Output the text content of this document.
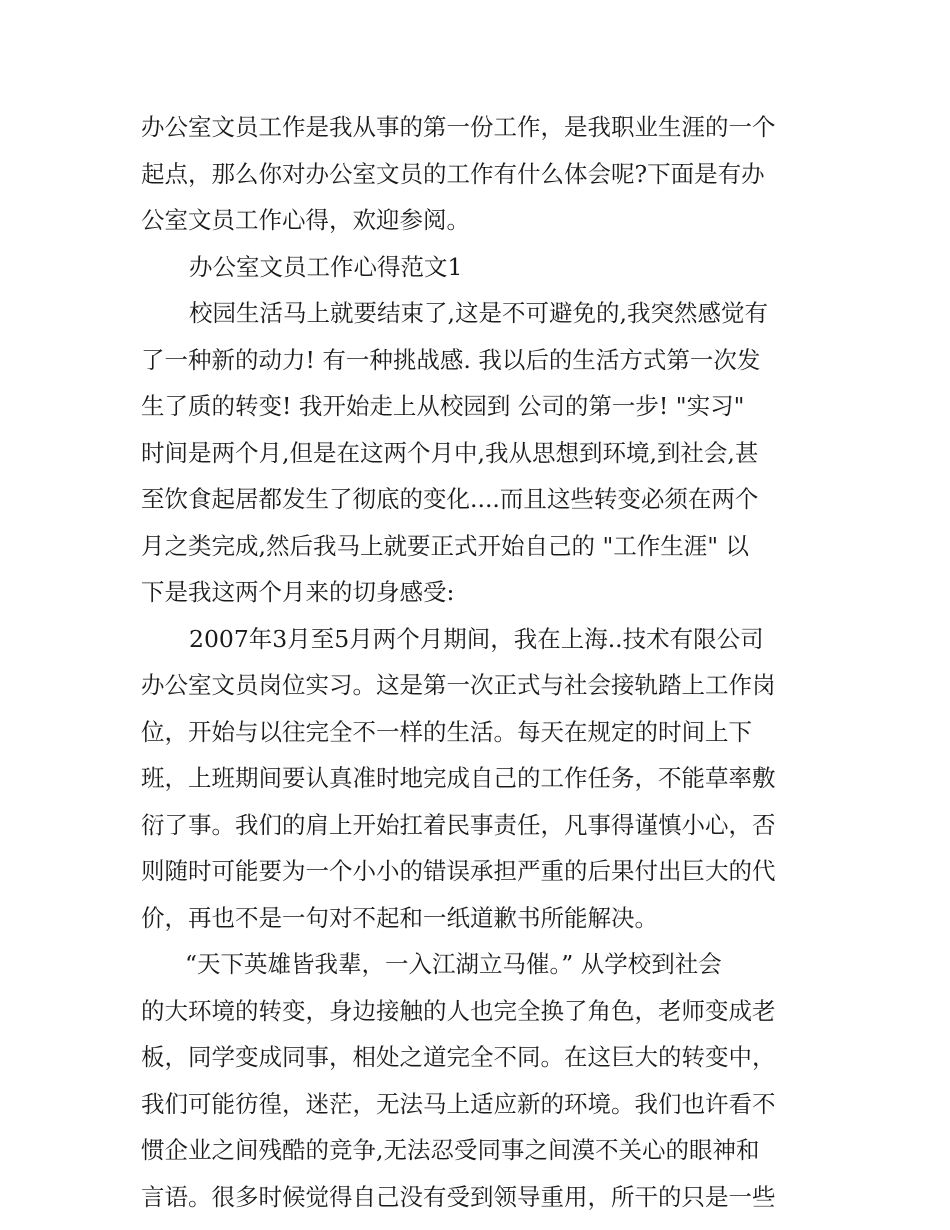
办公室文员工作是我从事的第一份工作，是我职业生涯的一个
起点，那么你对办公室文员的工作有什么体会呢?下面是有办
公室文员工作心得，欢迎参阅。
办公室文员工作心得范文1
校园生活马上就要结束了,这是不可避免的,我突然感觉有
了一种新的动力! 有一种挑战感. 我以后的生活方式第一次发
生了质的转变! 我开始走上从校园到 公司的第一步! "实习"
时间是两个月,但是在这两个月中,我从思想到环境,到社会,甚
至饮食起居都发生了彻底的变化....而且这些转变必须在两个
月之类完成,然后我马上就要正式开始自己的 "工作生涯" 以
下是我这两个月来的切身感受:
2007年3月至5月两个月期间，我在上海..技术有限公司
办公室文员岗位实习。这是第一次正式与社会接轨踏上工作岗
位，开始与以往完全不一样的生活。每天在规定的时间上下
班，上班期间要认真准时地完成自己的工作任务，不能草率敷
衍了事。我们的肩上开始扛着民事责任，凡事得谨慎小心，否
则随时可能要为一个小小的错误承担严重的后果付出巨大的代
价，再也不是一句对不起和一纸道歉书所能解决。
“天下英雄皆我辈，一入江湖立马催。” 从学校到社会
的大环境的转变，身边接触的人也完全换了角色，老师变成老
板，同学变成同事，相处之道完全不同。在这巨大的转变中，
我们可能彷徨，迷茫，无法马上适应新的环境。我们也许看不
惯企业之间残酷的竞争,无法忍受同事之间漠不关心的眼神和
言语。很多时候觉得自己没有受到领导重用，所干的只是一些
